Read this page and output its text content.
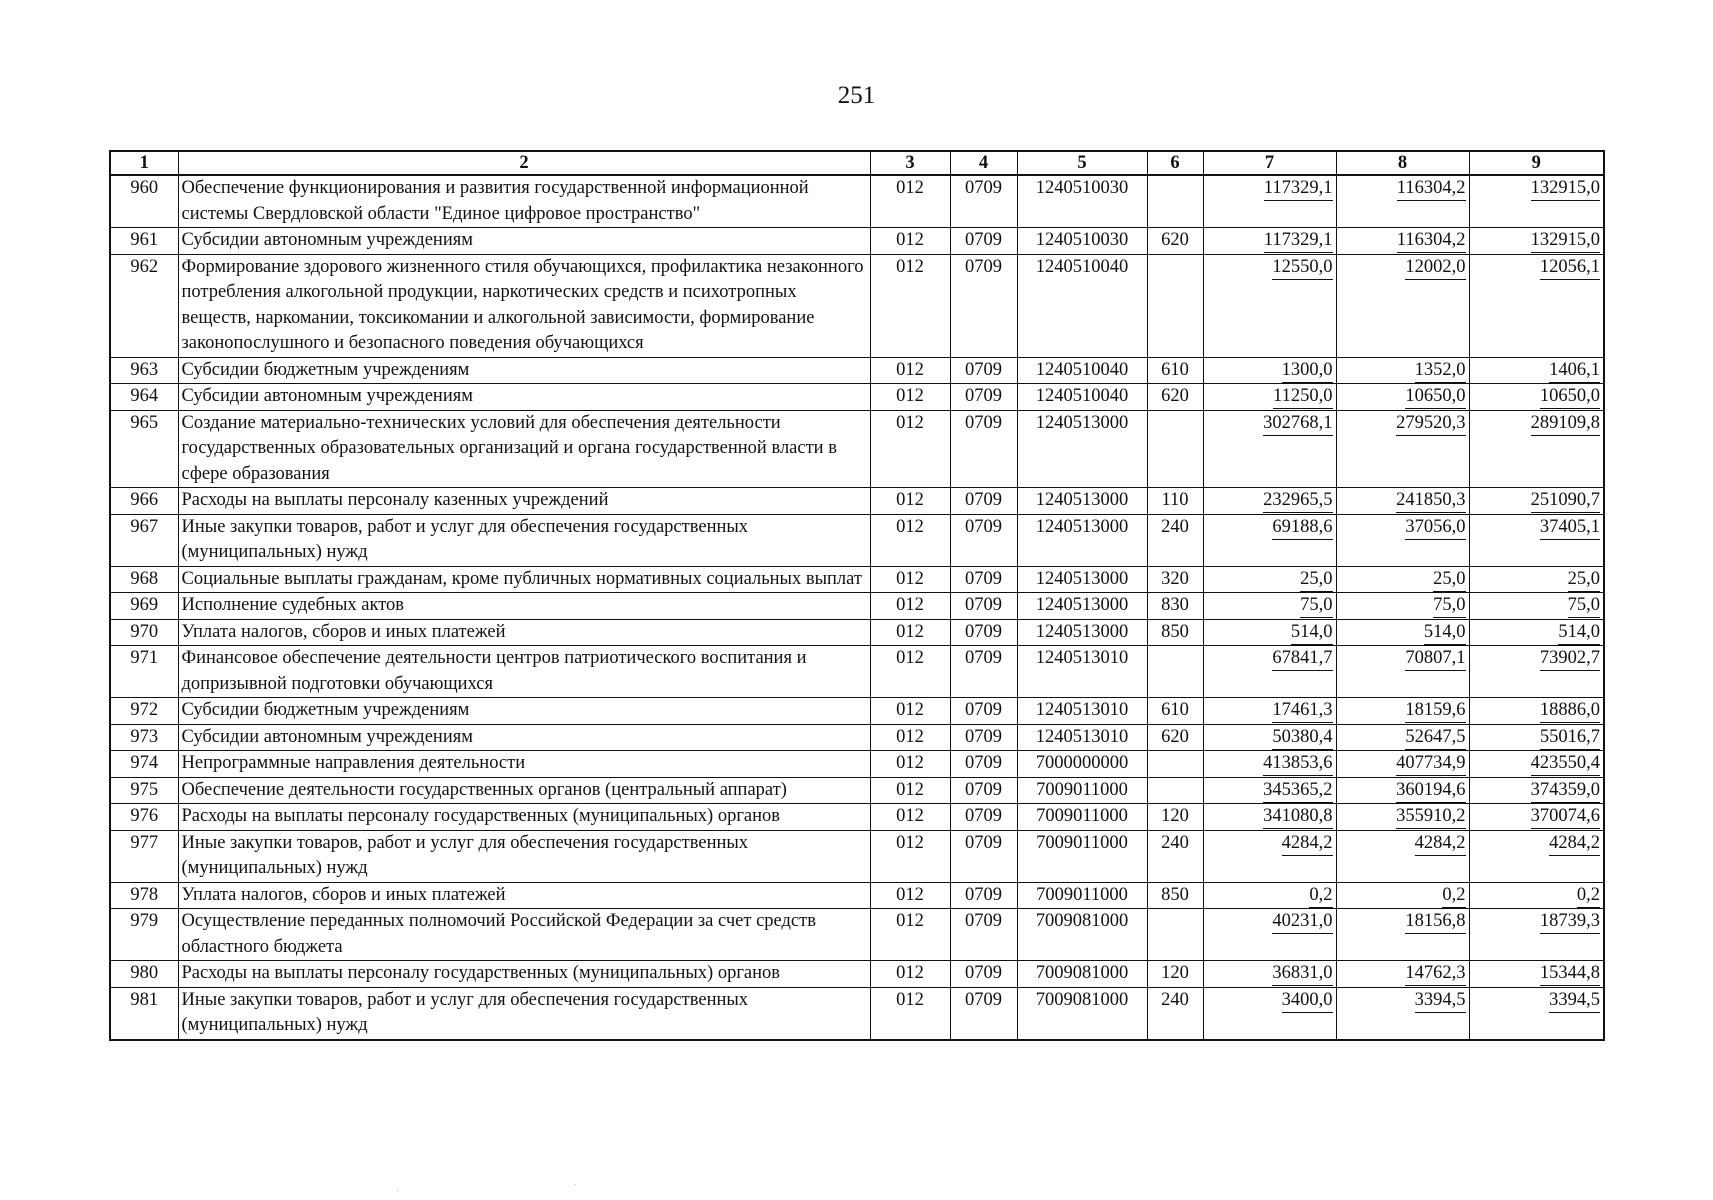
251
1	2	3	4	5	6	7	8	9
960	Обеспечение функционирования и развития государственной информационной системы Свердловской области "Единое цифровое пространство"	012	0709	1240510030		117329,1	116304,2	132915,0
961	Субсидии автономным учреждениям	012	0709	1240510030	620	117329,1	116304,2	132915,0
962	Формирование здорового жизненного стиля обучающихся, профилактика незаконного потребления алкогольной продукции, наркотических средств и психотропных веществ, наркомании, токсикомании и алкогольной зависимости, формирование законопослушного и безопасного поведения обучающихся	012	0709	1240510040		12550,0	12002,0	12056,1
963	Субсидии бюджетным учреждениям	012	0709	1240510040	610	1300,0	1352,0	1406,1
964	Субсидии автономным учреждениям	012	0709	1240510040	620	11250,0	10650,0	10650,0
965	Создание материально-технических условий для обеспечения деятельности государственных образовательных организаций и органа государственной власти в сфере образования	012	0709	1240513000		302768,1	279520,3	289109,8
966	Расходы на выплаты персоналу казенных учреждений	012	0709	1240513000	110	232965,5	241850,3	251090,7
967	Иные закупки товаров, работ и услуг для обеспечения государственных (муниципальных) нужд	012	0709	1240513000	240	69188,6	37056,0	37405,1
968	Социальные выплаты гражданам, кроме публичных нормативных социальных выплат	012	0709	1240513000	320	25,0	25,0	25,0
969	Исполнение судебных актов	012	0709	1240513000	830	75,0	75,0	75,0
970	Уплата налогов, сборов и иных платежей	012	0709	1240513000	850	514,0	514,0	514,0
971	Финансовое обеспечение деятельности центров патриотического воспитания и допризывной подготовки обучающихся	012	0709	1240513010		67841,7	70807,1	73902,7
972	Субсидии бюджетным учреждениям	012	0709	1240513010	610	17461,3	18159,6	18886,0
973	Субсидии автономным учреждениям	012	0709	1240513010	620	50380,4	52647,5	55016,7
974	Непрограммные направления деятельности	012	0709	7000000000		413853,6	407734,9	423550,4
975	Обеспечение деятельности государственных органов (центральный аппарат)	012	0709	7009011000		345365,2	360194,6	374359,0
976	Расходы на выплаты персоналу государственных (муниципальных) органов	012	0709	7009011000	120	341080,8	355910,2	370074,6
977	Иные закупки товаров, работ и услуг для обеспечения государственных (муниципальных) нужд	012	0709	7009011000	240	4284,2	4284,2	4284,2
978	Уплата налогов, сборов и иных платежей	012	0709	7009011000	850	0,2	0,2	0,2
979	Осуществление переданных полномочий Российской Федерации за счет средств областного бюджета	012	0709	7009081000		40231,0	18156,8	18739,3
980	Расходы на выплаты персоналу государственных (муниципальных) органов	012	0709	7009081000	120	36831,0	14762,3	15344,8
981	Иные закупки товаров, работ и услуг для обеспечения государственных (муниципальных) нужд	012	0709	7009081000	240	3400,0	3394,5	3394,5
·
·
